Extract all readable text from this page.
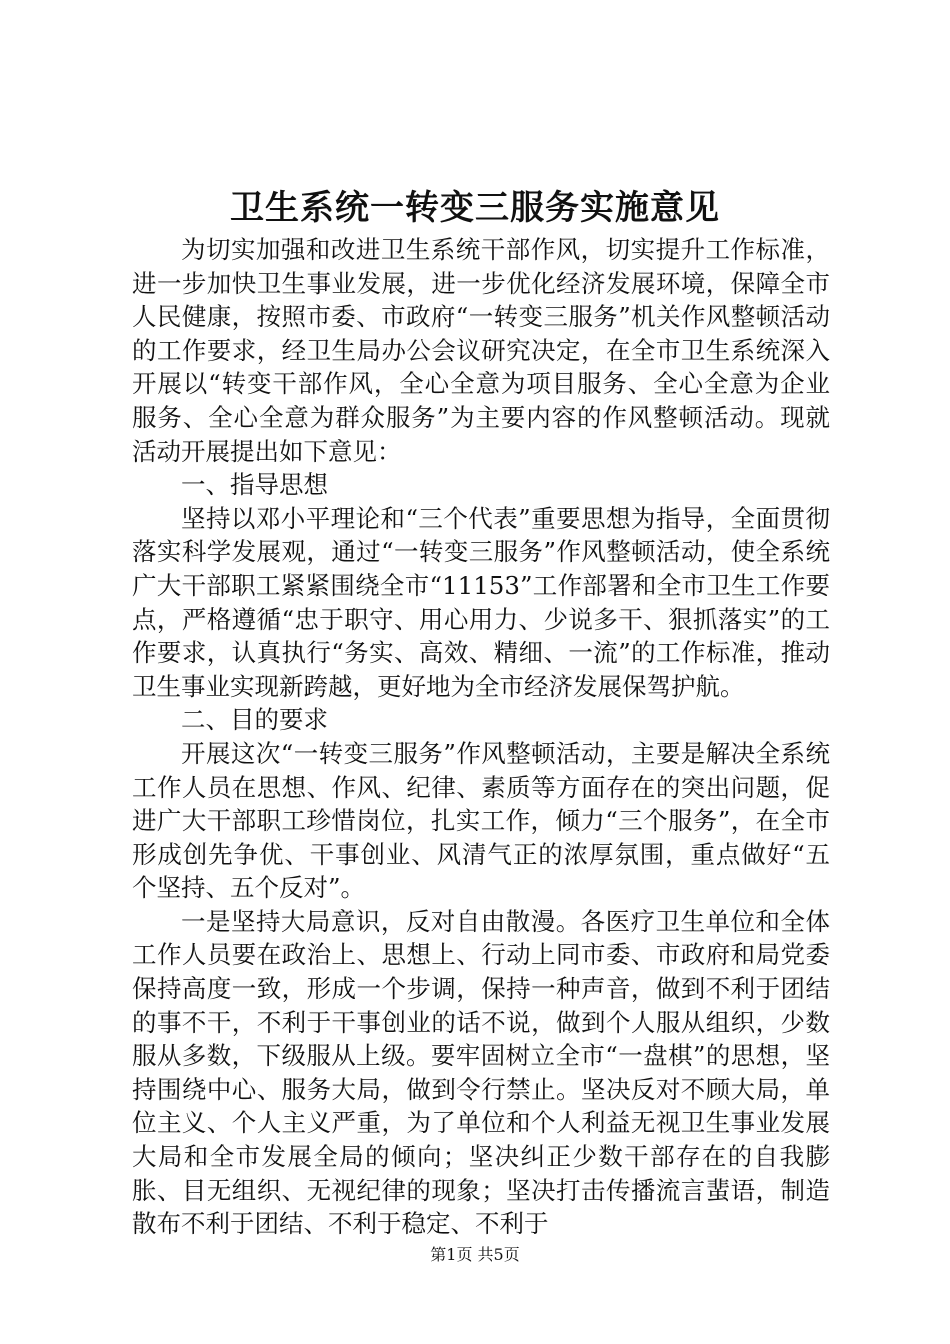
卫生系统一转变三服务实施意见

为切实加强和改进卫生系统干部作风，切实提升工作标准，进一步加快卫生事业发展，进一步优化经济发展环境，保障全市人民健康，按照市委、市政府“一转变三服务”机关作风整顿活动的工作要求，经卫生局办公会议研究决定，在全市卫生系统深入开展以“转变干部作风，全心全意为项目服务、全心全意为企业服务、全心全意为群众服务”为主要内容的作风整顿活动。现就活动开展提出如下意见：

一、指导思想

坚持以邓小平理论和“三个代表”重要思想为指导，全面贯彻落实科学发展观，通过“一转变三服务”作风整顿活动，使全系统广大干部职工紧紧围绕全市“11153”工作部署和全市卫生工作要点，严格遵循“忠于职守、用心用力、少说多干、狠抓落实”的工作要求，认真执行“务实、高效、精细、一流”的工作标准，推动卫生事业实现新跨越，更好地为全市经济发展保驾护航。

二、目的要求

开展这次“一转变三服务”作风整顿活动，主要是解决全系统工作人员在思想、作风、纪律、素质等方面存在的突出问题，促进广大干部职工珍惜岗位，扎实工作，倾力“三个服务”，在全市形成创先争优、干事创业、风清气正的浓厚氛围，重点做好“五个坚持、五个反对”。

一是坚持大局意识，反对自由散漫。各医疗卫生单位和全体工作人员要在政治上、思想上、行动上同市委、市政府和局党委保持高度一致，形成一个步调，保持一种声音，做到不利于团结的事不干，不利于干事创业的话不说，做到个人服从组织，少数服从多数，下级服从上级。要牢固树立全市“一盘棋”的思想，坚持围绕中心、服务大局，做到令行禁止。坚决反对不顾大局，单位主义、个人主义严重，为了单位和个人利益无视卫生事业发展大局和全市发展全局的倾向；坚决纠正少数干部存在的自我膨胀、目无组织、无视纪律的现象；坚决打击传播流言蜚语，制造散布不利于团结、不利于稳定、不利于

第1页 共5页
